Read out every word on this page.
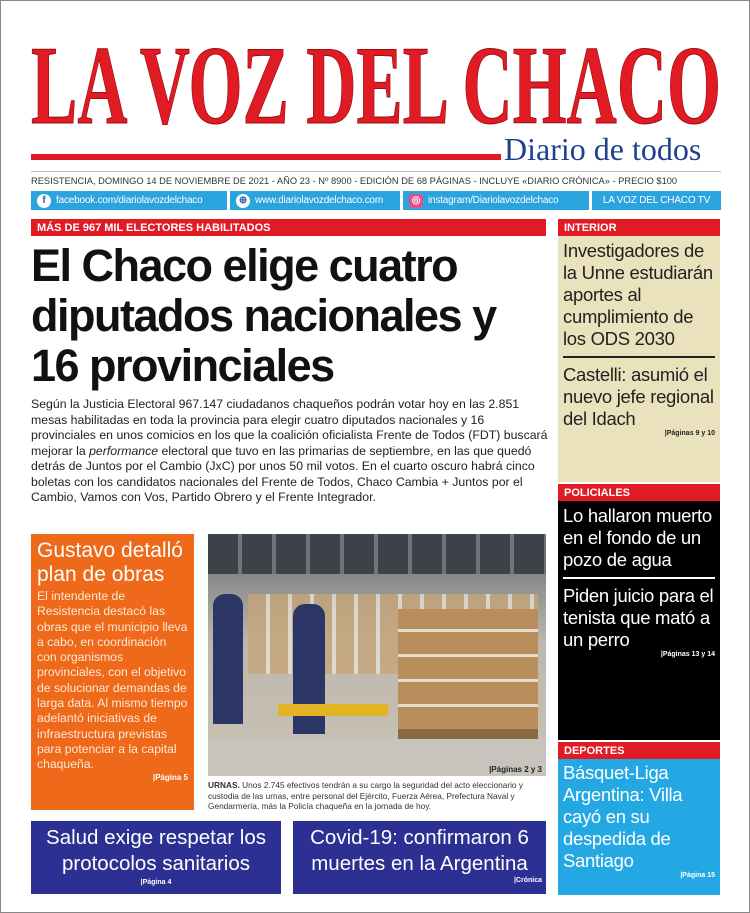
LA VOZ DEL CHACO
Diario de todos
RESISTENCIA, DOMINGO 14 DE NOVIEMBRE DE 2021 - AÑO 23 - Nº 8900 - EDICIÓN DE 68 PÁGINAS - INCLUYE «DIARIO CRÓNICA» - PRECIO $100
f	facebook.com/diariolavozdelchaco	⊕ www.diariolavozdelchaco.com	◎ instagram/Diariolavozdelchaco	LA VOZ DEL CHACO TV
MÁS DE 967 MIL ELECTORES HABILITADOS
El Chaco elige cuatro diputados nacionales y 16 provinciales
Según la Justicia Electoral 967.147 ciudadanos chaqueños podrán votar hoy en las 2.851 mesas habilitadas en toda la provincia para elegir cuatro diputados nacionales y 16 provinciales en unos comicios en los que la coalición oficialista Frente de Todos (FDT) buscará mejorar la performance electoral que tuvo en las primarias de septiembre, en las que quedó detrás de Juntos por el Cambio (JxC) por unos 50 mil votos. En el cuarto oscuro habrá cinco boletas con los candidatos nacionales del Frente de Todos, Chaco Cambia + Juntos por el Cambio, Vamos con Vos, Partido Obrero y el Frente Integrador.
Gustavo detalló plan de obras

El intendente de Resistencia destacó las obras que el municipio lleva a cabo, en coordinación con organismos provinciales, con el objetivo de solucionar demandas de larga data. Al mismo tiempo adelantó iniciativas de infraestructura previstas para potenciar a la capital chaqueña.

|Página 5
|Páginas 2 y 3
URNAS. Unos 2.745 efectivos tendrán a su cargo la seguridad del acto eleccionario y custodia de las urnas, entre personal del Ejército, Fuerza Aérea, Prefectura Naval y Gendarmería, más la Policía chaqueña en la jornada de hoy.
Salud exige respetar los protocolos sanitarios
|Página 4
Covid-19: confirmaron 6 muertes en la Argentina
|Crónica
INTERIOR
Investigadores de la Unne estudiarán aportes al cumplimiento de los ODS 2030
Castelli: asumió el nuevo jefe regional del Idach
|Páginas 9 y 10
POLICIALES
Lo hallaron muerto en el fondo de un pozo de agua
Piden juicio para el tenista que mató a un perro
|Páginas 13 y 14
DEPORTES
Básquet-Liga Argentina: Villa cayó en su despedida de Santiago
|Página 15
